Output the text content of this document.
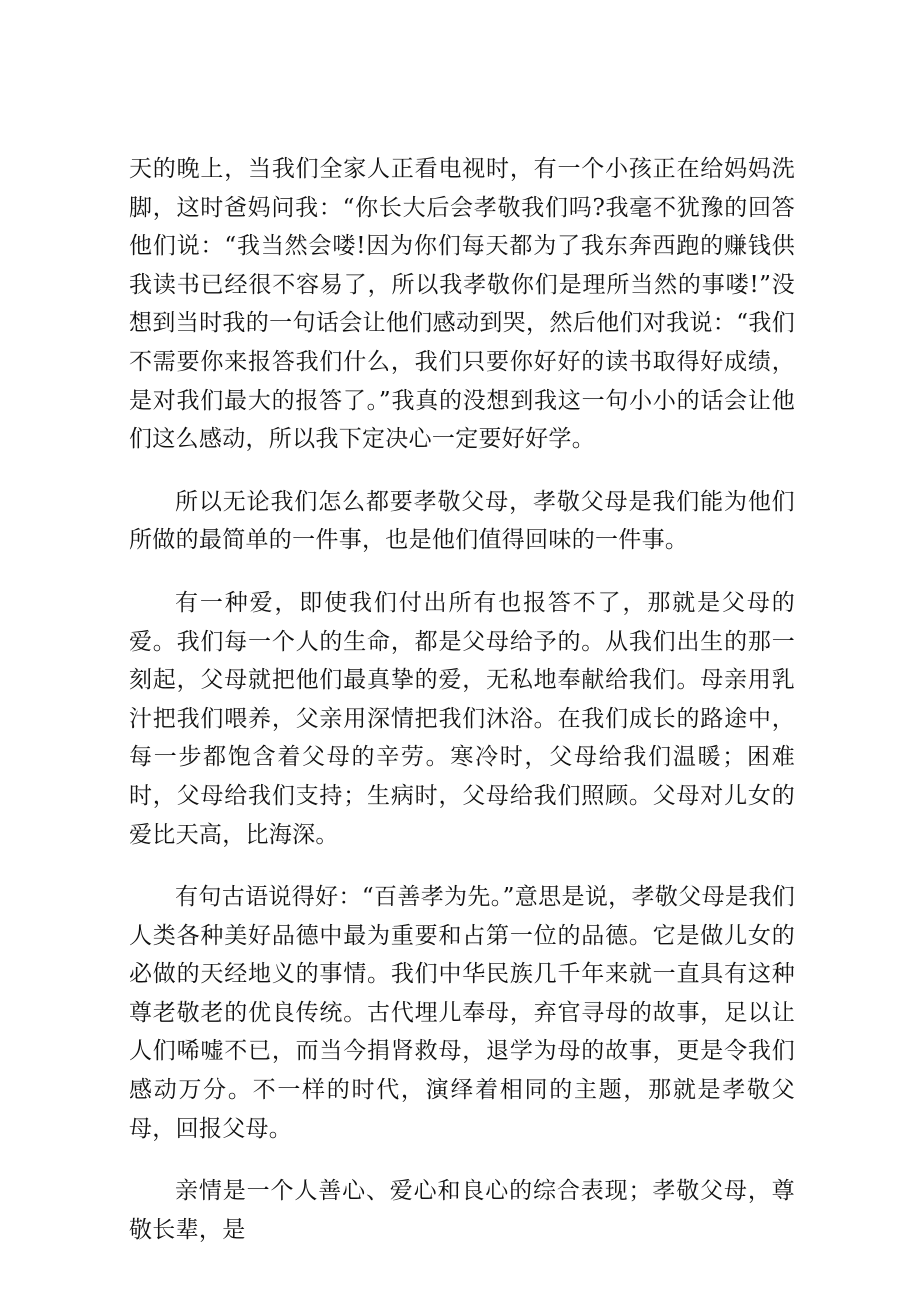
天的晚上，当我们全家人正看电视时，有一个小孩正在给妈妈洗脚，这时爸妈问我：“你长大后会孝敬我们吗?我毫不犹豫的回答他们说：“我当然会喽!因为你们每天都为了我东奔西跑的赚钱供我读书已经很不容易了，所以我孝敬你们是理所当然的事喽!”没想到当时我的一句话会让他们感动到哭，然后他们对我说：“我们不需要你来报答我们什么，我们只要你好好的读书取得好成绩，是对我们最大的报答了。”我真的没想到我这一句小小的话会让他们这么感动，所以我下定决心一定要好好学。

所以无论我们怎么都要孝敬父母，孝敬父母是我们能为他们所做的最简单的一件事，也是他们值得回味的一件事。

有一种爱，即使我们付出所有也报答不了，那就是父母的爱。我们每一个人的生命，都是父母给予的。从我们出生的那一刻起，父母就把他们最真挚的爱，无私地奉献给我们。母亲用乳汁把我们喂养，父亲用深情把我们沐浴。在我们成长的路途中，每一步都饱含着父母的辛劳。寒冷时，父母给我们温暖；困难时，父母给我们支持；生病时，父母给我们照顾。父母对儿女的爱比天高，比海深。

有句古语说得好：“百善孝为先。”意思是说，孝敬父母是我们人类各种美好品德中最为重要和占第一位的品德。它是做儿女的必做的天经地义的事情。我们中华民族几千年来就一直具有这种尊老敬老的优良传统。古代埋儿奉母，弃官寻母的故事，足以让人们唏嘘不已，而当今捐肾救母，退学为母的故事，更是令我们感动万分。不一样的时代，演绎着相同的主题，那就是孝敬父母，回报父母。

亲情是一个人善心、爱心和良心的综合表现；孝敬父母，尊敬长辈，是
